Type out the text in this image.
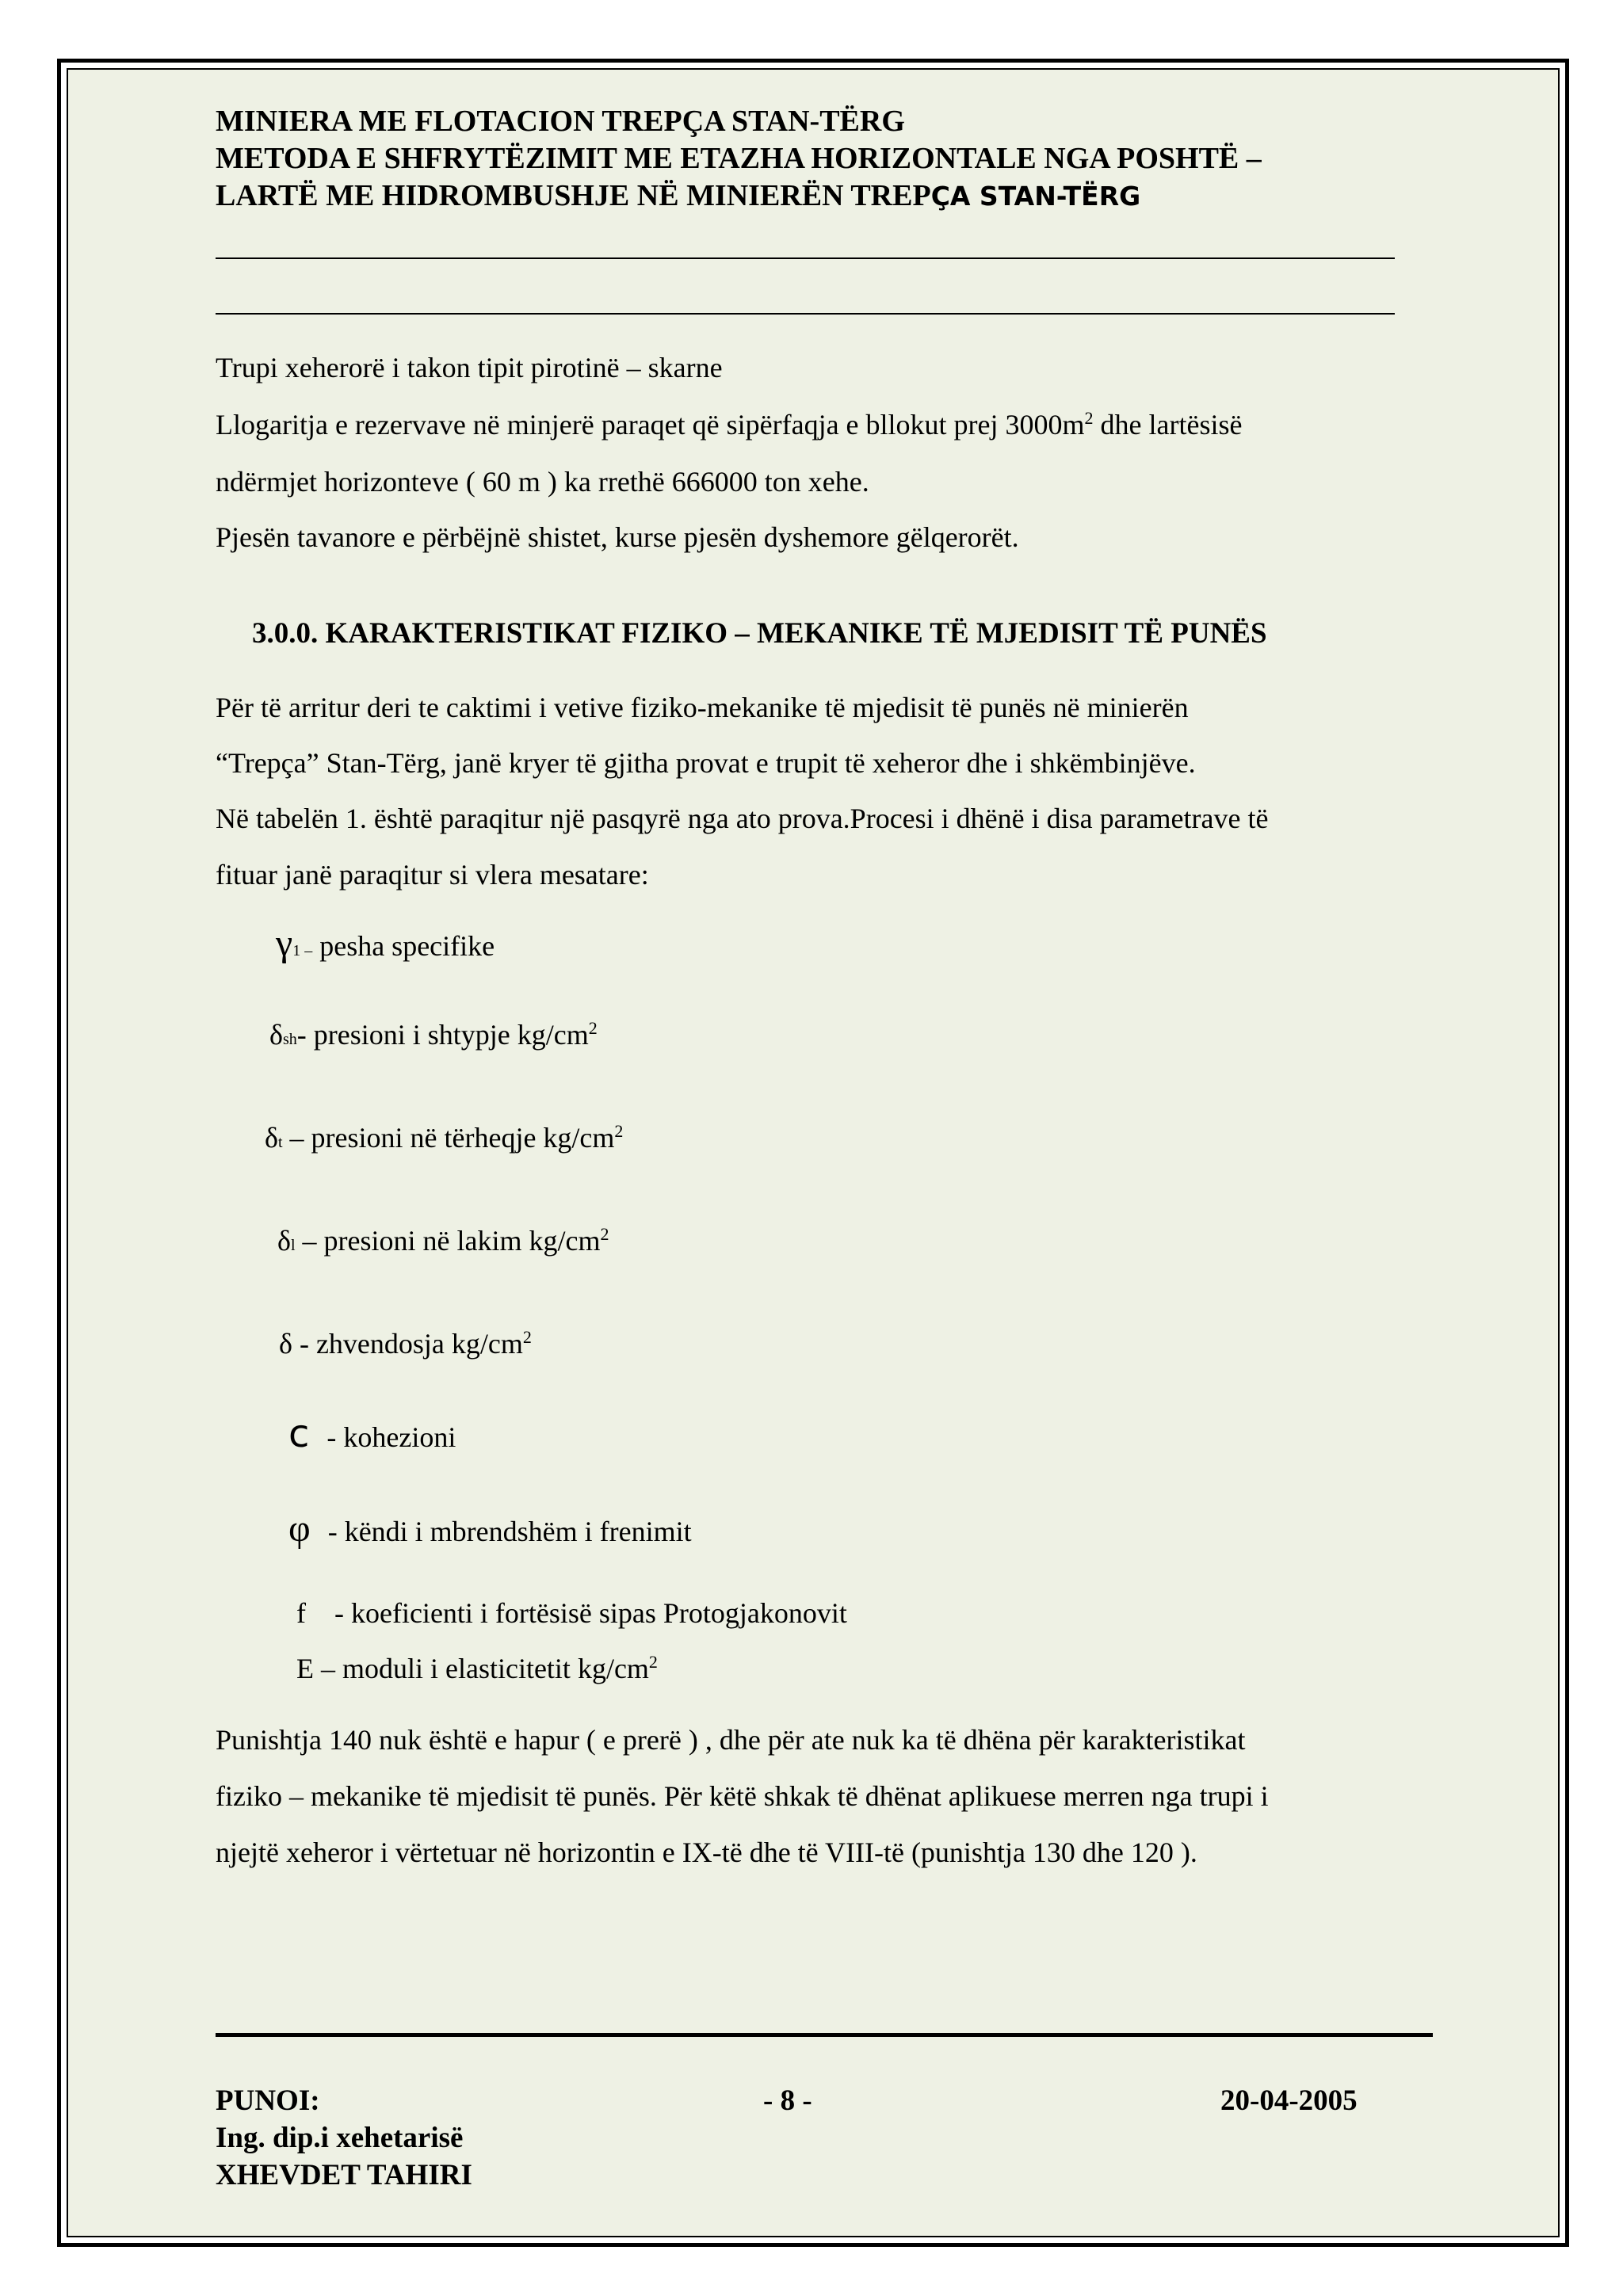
MINIERA ME FLOTACION TREPÇA STAN-TËRG
METODA E SHFRYTËZIMIT ME ETAZHA HORIZONTALE NGA POSHTË –
LARTË ME HIDROMBUSHJE NË MINIERËN TREPÇA STAN-TËRG
Trupi xeherorë i takon tipit pirotinë – skarne
Llogaritja e rezervave në minjerë paraqet që sipërfaqja e bllokut prej $3000m^2$ dhe lartësisë
ndërmjet horizonteve ( 60 m ) ka rrethë 666000 ton xehe.
Pjesën tavanore e përbëjnë shistet, kurse pjesën dyshemore gëlqerorët.
3.0.0. KARAKTERISTIKAT FIZIKO – MEKANIKE TË MJEDISIT TË PUNËS
Për të arritur deri te caktimi i vetive fiziko-mekanike të mjedisit të punës në minierën
“Trepça” Stan-Tërg, janë kryer të gjitha provat e trupit të xeheror dhe i shkëmbinjëve.
Në tabelën 1. është paraqitur një pasqyrë nga ato prova.Procesi i dhënë i disa parametrave të
fituar janë paraqitur si vlera mesatare:
γ1 – pesha specifike
δsh- presioni i shtypje $kg/cm^2$
δt – presioni në tërheqje $kg/cm^2$
δl – presioni në lakim $kg/cm^2$
δ - zhvendosja $kg/cm^2$
c - kohezioni
φ - këndi i mbrendshëm i frenimit
f - koeficienti i fortësisë sipas Protogjakonovit
E – moduli i elasticitetit $kg/cm^2$
Punishtja 140 nuk është e hapur ( e prerë ) , dhe për ate nuk ka të dhëna për karakteristikat
fiziko – mekanike të mjedisit të punës. Për këtë shkak të dhënat aplikuese merren nga trupi i
njejtë xeheror i vërtetuar në horizontin e IX-të dhe të VIII-të (punishtja 130 dhe 120 ).
PUNOI:
Ing. dip.i xehetarisë
XHEVDET TAHIRI
- 8 -	20-04-2005
